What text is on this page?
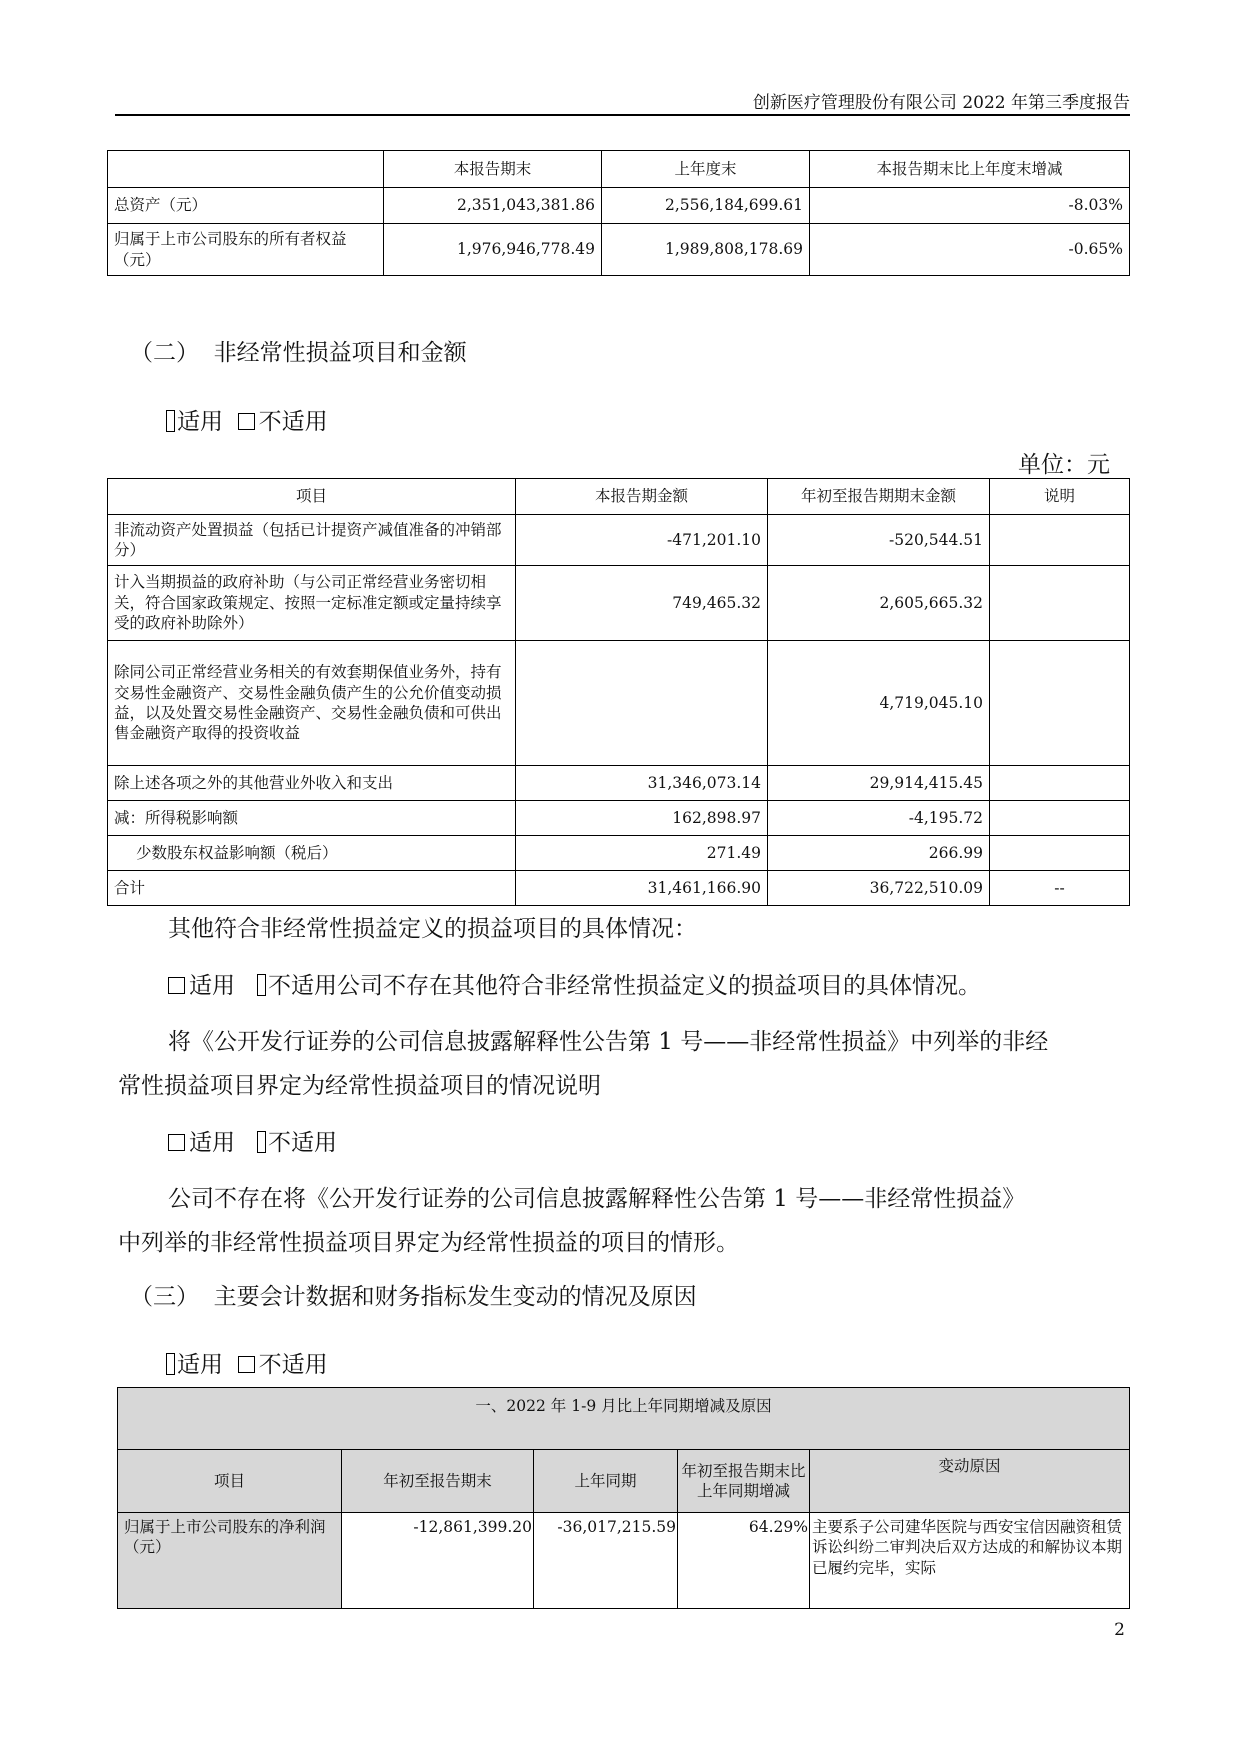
创新医疗管理股份有限公司 2022 年第三季度报告
	本报告期末	上年度末	本报告期末比上年度末增减
总资产（元）	2,351,043,381.86	2,556,184,699.61	-8.03%
归属于上市公司股东的所有者权益（元）	1,976,946,778.49	1,989,808,178.69	-0.65%
（二） 非经常性损益项目和金额
适用 不适用
单位：元
项目	本报告期金额	年初至报告期期末金额	说明
非流动资产处置损益（包括已计提资产减值准备的冲销部分）	-471,201.10	-520,544.51	
计入当期损益的政府补助（与公司正常经营业务密切相关，符合国家政策规定、按照一定标准定额或定量持续享受的政府补助除外）	749,465.32	2,605,665.32	
除同公司正常经营业务相关的有效套期保值业务外，持有交易性金融资产、交易性金融负债产生的公允价值变动损益，以及处置交易性金融资产、交易性金融负债和可供出售金融资产取得的投资收益		4,719,045.10	
除上述各项之外的其他营业外收入和支出	31,346,073.14	29,914,415.45	
减：所得税影响额	162,898.97	-4,195.72	
少数股东权益影响额（税后）	271.49	266.99	
合计	31,461,166.90	36,722,510.09	--
其他符合非经常性损益定义的损益项目的具体情况：
适用 不适用公司不存在其他符合非经常性损益定义的损益项目的具体情况。
将《公开发行证券的公司信息披露解释性公告第 1 号——非经常性损益》中列举的非经
常性损益项目界定为经常性损益项目的情况说明
适用 不适用
公司不存在将《公开发行证券的公司信息披露解释性公告第 1 号——非经常性损益》
中列举的非经常性损益项目界定为经常性损益的项目的情形。
（三） 主要会计数据和财务指标发生变动的情况及原因
适用 不适用
一、2022 年 1-9 月比上年同期增减及原因				
项目	年初至报告期末	上年同期	年初至报告期末比上年同期增减	变动原因
归属于上市公司股东的净利润（元）	-12,861,399.20	-36,017,215.59	64.29%	主要系子公司建华医院与西安宝信因融资租赁诉讼纠纷二审判决后双方达成的和解协议本期已履约完毕，实际
2
